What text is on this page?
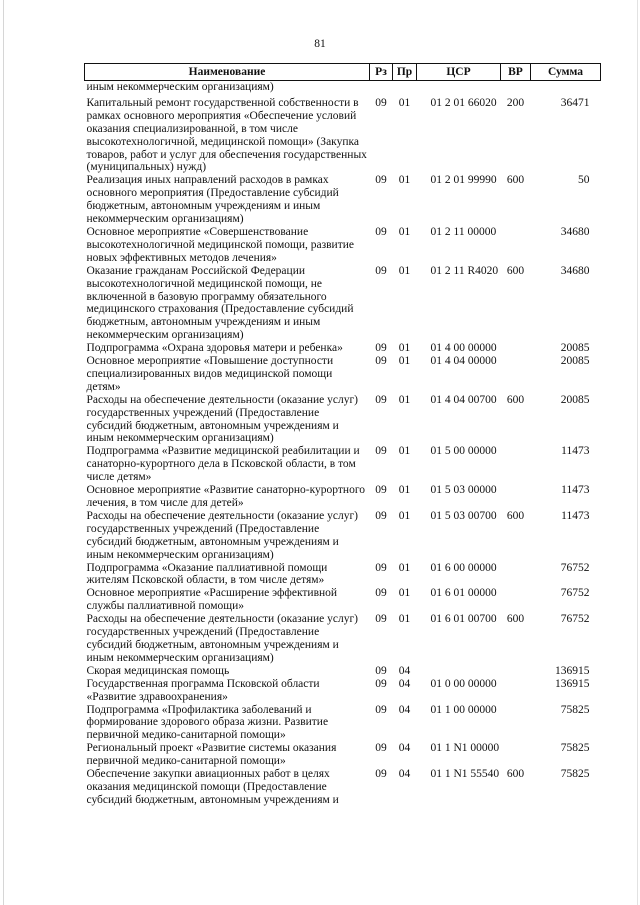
81
Наименование	Рз	Пр	ЦСР	ВР	Сумма
иным некоммерческим организациям)					
Капитальный ремонт государственной собственности в рамках основного мероприятия «Обеспечение условий оказания специализированной, в том числе высокотехнологичной, медицинской помощи» (Закупка товаров, работ и услуг для обеспечения государственных (муниципальных) нужд)	09	01	01 2 01 66020	200	36471
Реализация иных направлений расходов в рамках основного мероприятия (Предоставление субсидий бюджетным, автономным учреждениям и иным некоммерческим организациям)	09	01	01 2 01 99990	600	50
Основное мероприятие «Совершенствование высокотехнологичной медицинской помощи, развитие новых эффективных методов лечения»	09	01	01 2 11 00000		34680
Оказание гражданам Российской Федерации высокотехнологичной медицинской помощи, не включенной в базовую программу обязательного медицинского страхования (Предоставление субсидий бюджетным, автономным учреждениям и иным некоммерческим организациям)	09	01	01 2 11 R4020	600	34680
Подпрограмма «Охрана здоровья матери и ребенка»	09	01	01 4 00 00000		20085
Основное мероприятие «Повышение доступности специализированных видов медицинской помощи детям»	09	01	01 4 04 00000		20085
Расходы на обеспечение деятельности (оказание услуг) государственных учреждений (Предоставление субсидий бюджетным, автономным учреждениям и иным некоммерческим организациям)	09	01	01 4 04 00700	600	20085
Подпрограмма «Развитие медицинской реабилитации и санаторно-курортного дела в Псковской области, в том числе детям»	09	01	01 5 00 00000		11473
Основное мероприятие «Развитие санаторно-курортного лечения, в том числе для детей»	09	01	01 5 03 00000		11473
Расходы на обеспечение деятельности (оказание услуг) государственных учреждений (Предоставление субсидий бюджетным, автономным учреждениям и иным некоммерческим организациям)	09	01	01 5 03 00700	600	11473
Подпрограмма «Оказание паллиативной помощи жителям Псковской области, в том числе детям»	09	01	01 6 00 00000		76752
Основное мероприятие «Расширение эффективной службы паллиативной помощи»	09	01	01 6 01 00000		76752
Расходы на обеспечение деятельности (оказание услуг) государственных учреждений (Предоставление субсидий бюджетным, автономным учреждениям и иным некоммерческим организациям)	09	01	01 6 01 00700	600	76752
Скорая медицинская помощь	09	04			136915
Государственная программа Псковской области «Развитие здравоохранения»	09	04	01 0 00 00000		136915
Подпрограмма «Профилактика заболеваний и формирование здорового образа жизни. Развитие первичной медико-санитарной помощи»	09	04	01 1 00 00000		75825
Региональный проект «Развитие системы оказания первичной медико-санитарной помощи»	09	04	01 1 N1 00000		75825
Обеспечение закупки авиационных работ в целях оказания медицинской помощи (Предоставление субсидий бюджетным, автономным учреждениям и	09	04	01 1 N1 55540	600	75825
